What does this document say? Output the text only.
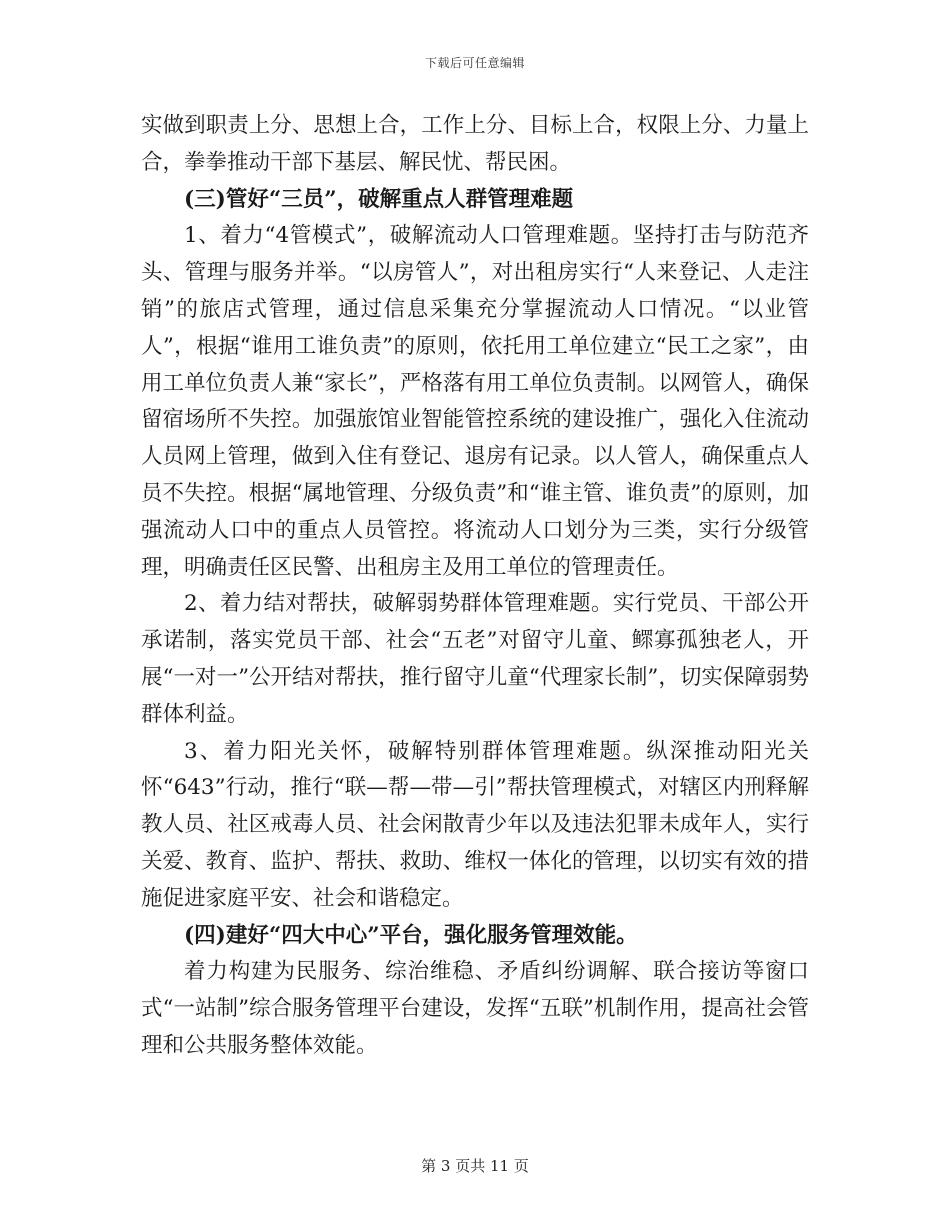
下载后可任意编辑

实做到职责上分、思想上合，工作上分、目标上合，权限上分、力量上合，拳拳推动干部下基层、解民忧、帮民困。

(三)管好“三员”，破解重点人群管理难题

1、着力“4管模式”，破解流动人口管理难题。坚持打击与防范齐头、管理与服务并举。“以房管人”，对出租房实行“人来登记、人走注销”的旅店式管理，通过信息采集充分掌握流动人口情况。“以业管人”，根据“谁用工谁负责”的原则，依托用工单位建立“民工之家”，由用工单位负责人兼“家长”，严格落有用工单位负责制。以网管人，确保留宿场所不失控。加强旅馆业智能管控系统的建设推广，强化入住流动人员网上管理，做到入住有登记、退房有记录。以人管人，确保重点人员不失控。根据“属地管理、分级负责”和“谁主管、谁负责”的原则，加强流动人口中的重点人员管控。将流动人口划分为三类，实行分级管理，明确责任区民警、出租房主及用工单位的管理责任。

2、着力结对帮扶，破解弱势群体管理难题。实行党员、干部公开承诺制，落实党员干部、社会“五老”对留守儿童、鳏寡孤独老人，开展“一对一”公开结对帮扶，推行留守儿童“代理家长制”，切实保障弱势群体利益。

3、着力阳光关怀，破解特别群体管理难题。纵深推动阳光关怀“643”行动，推行“联—帮—带—引”帮扶管理模式，对辖区内刑释解教人员、社区戒毒人员、社会闲散青少年以及违法犯罪未成年人，实行关爱、教育、监护、帮扶、救助、维权一体化的管理，以切实有效的措施促进家庭平安、社会和谐稳定。

(四)建好“四大中心”平台，强化服务管理效能。

着力构建为民服务、综治维稳、矛盾纠纷调解、联合接访等窗口式“一站制”综合服务管理平台建设，发挥“五联”机制作用，提高社会管理和公共服务整体效能。

第 3 页共 11 页
